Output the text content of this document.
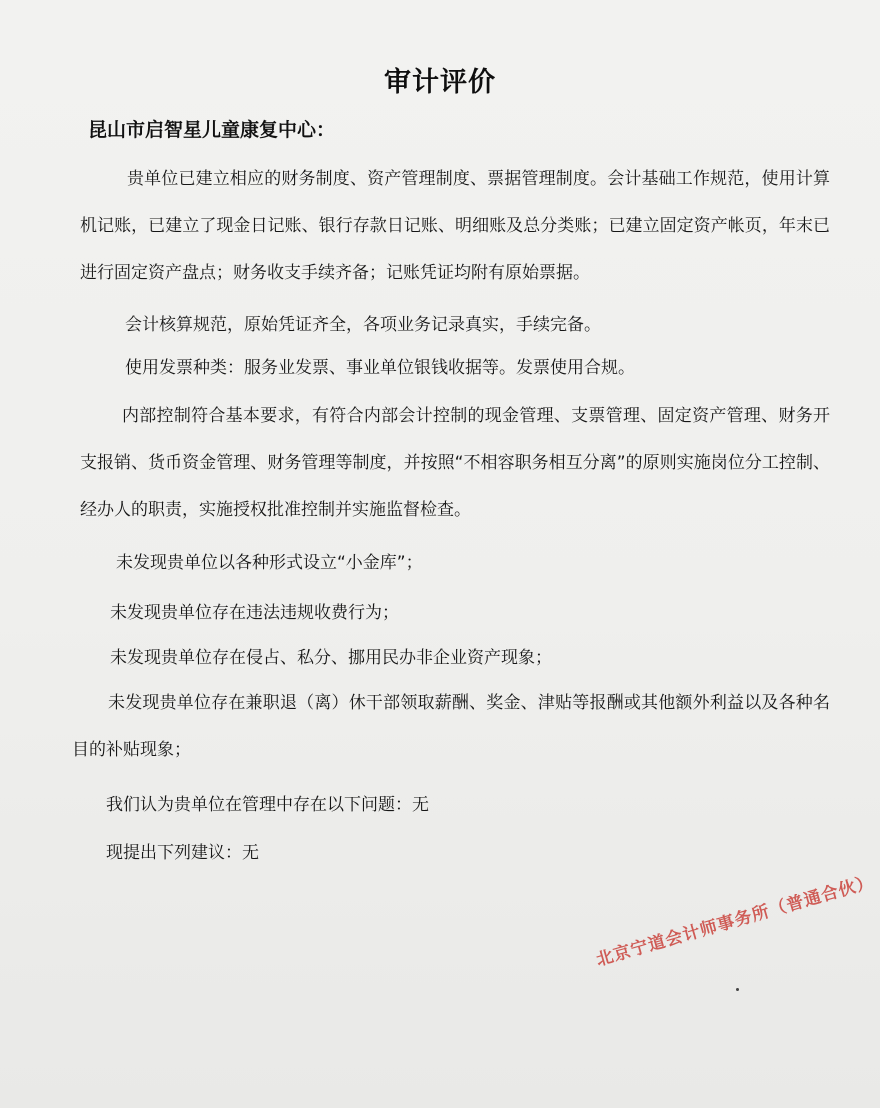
审计评价
昆山市启智星儿童康复中心：
贵单位已建立相应的财务制度、资产管理制度、票据管理制度。会计基础工作规范，使用计算机记账，已建立了现金日记账、银行存款日记账、明细账及总分类账；已建立固定资产帐页，年末已进行固定资产盘点；财务收支手续齐备；记账凭证均附有原始票据。
会计核算规范，原始凭证齐全，各项业务记录真实，手续完备。
使用发票种类：服务业发票、事业单位银钱收据等。发票使用合规。
内部控制符合基本要求，有符合内部会计控制的现金管理、支票管理、固定资产管理、财务开支报销、货币资金管理、财务管理等制度，并按照“不相容职务相互分离”的原则实施岗位分工控制、经办人的职责，实施授权批准控制并实施监督检查。
未发现贵单位以各种形式设立“小金库”；
未发现贵单位存在违法违规收费行为；
未发现贵单位存在侵占、私分、挪用民办非企业资产现象；
未发现贵单位存在兼职退（离）休干部领取薪酬、奖金、津贴等报酬或其他额外利益以及各种名目的补贴现象；
我们认为贵单位在管理中存在以下问题：无
现提出下列建议：无
北京宁道会计师事务所（普通合伙）
